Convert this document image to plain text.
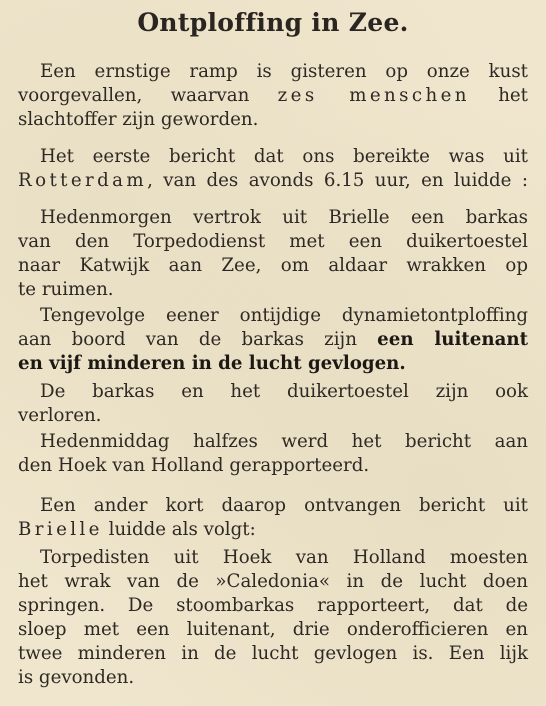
Ontploffing in Zee.
Een ernstige ramp is gisteren op onze kust
voorgevallen, waarvan zes menschen het
slachtoffer zijn geworden.
Het eerste bericht dat ons bereikte was uit
Rotterdam, van des avonds 6.15 uur, en luidde :
Hedenmorgen vertrok uit Brielle een barkas
van den Torpedodienst met een duikertoestel
naar Katwijk aan Zee, om aldaar wrakken op
te ruimen.
Tengevolge eener ontijdige dynamietontploffing
aan boord van de barkas zijn een luitenant
en vijf minderen in de lucht gevlogen.
De barkas en het duikertoestel zijn ook
verloren.
Hedenmiddag halfzes werd het bericht aan
den Hoek van Holland gerapporteerd.
Een ander kort daarop ontvangen bericht uit
Brielle luidde als volgt:
Torpedisten uit Hoek van Holland moesten
het wrak van de »Caledonia« in de lucht doen
springen. De stoombarkas rapporteert, dat de
sloep met een luitenant, drie onderofficieren en
twee minderen in de lucht gevlogen is. Een lijk
is gevonden.
